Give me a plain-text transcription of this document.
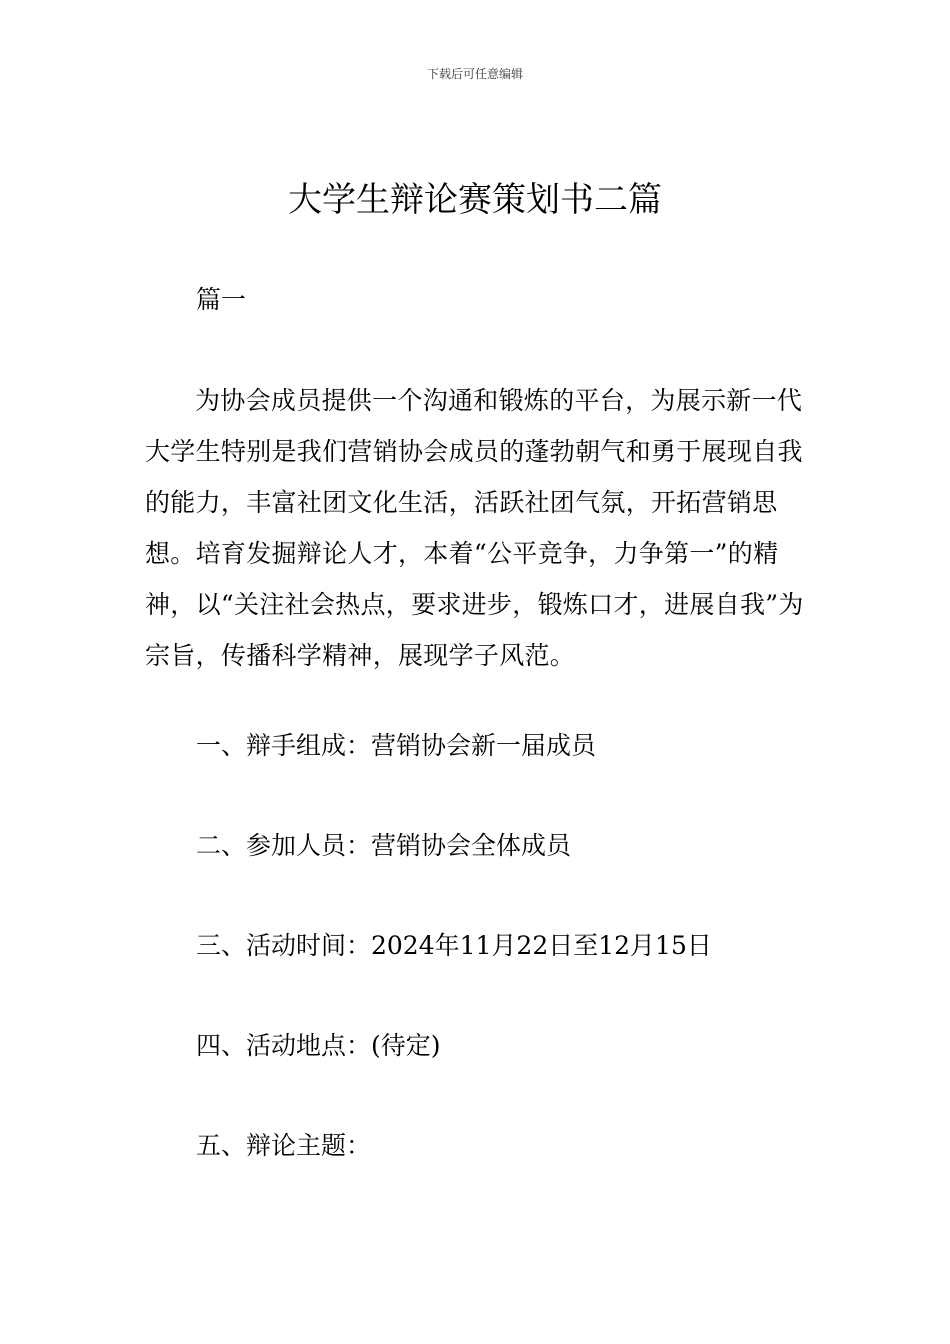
下载后可任意编辑
大学生辩论赛策划书二篇

篇一

为协会成员提供一个沟通和锻炼的平台，为展示新一代大学生特别是我们营销协会成员的蓬勃朝气和勇于展现自我的能力，丰富社团文化生活，活跃社团气氛，开拓营销思想。培育发掘辩论人才，本着“公平竞争，力争第一”的精神，以“关注社会热点，要求进步，锻炼口才，进展自我”为宗旨，传播科学精神，展现学子风范。

一、辩手组成：营销协会新一届成员

二、参加人员：营销协会全体成员

三、活动时间：2024年11月22日至12月15日

四、活动地点：(待定)

五、辩论主题：
